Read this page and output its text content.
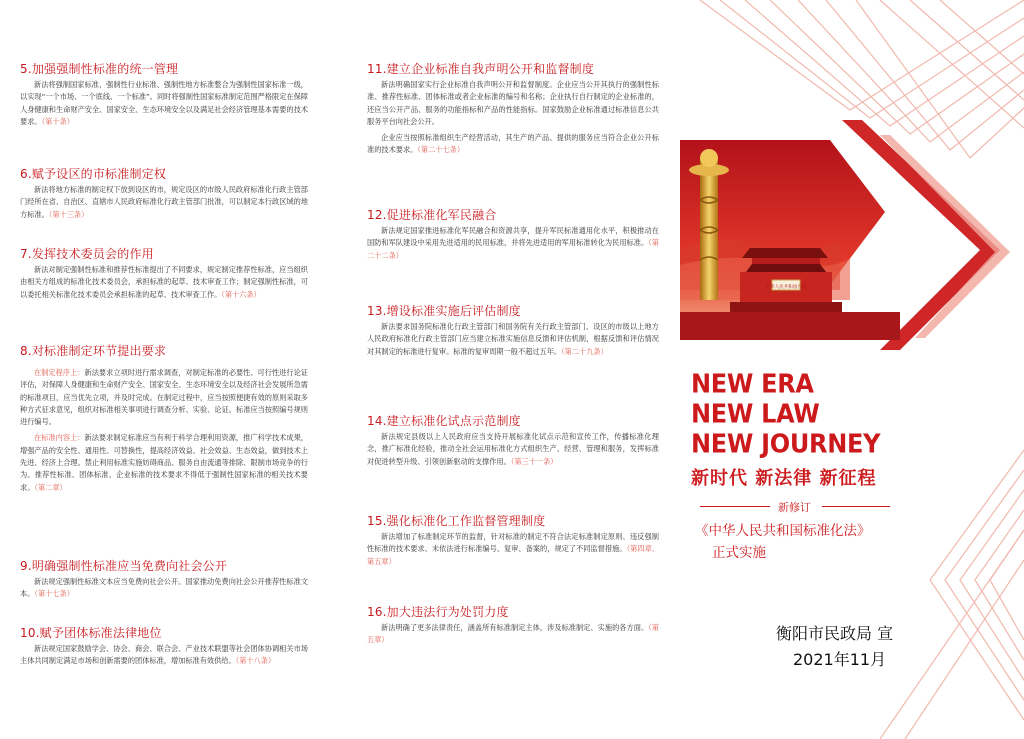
5.加强强制性标准的统一管理

新法将强制国家标准、强制性行业标准、强制性地方标准整合为强制性国家标准一级，以实现“一个市场、一个底线、一个标准”。同时将强制性国家标准制定范围严格限定在保障人身健康和生命财产安全、国家安全、生态环境安全以及满足社会经济管理基本需要的技术要求。（第十条）

6.赋予设区的市标准制定权

新法将地方标准的制定权下放到设区的市，规定设区的市级人民政府标准化行政主管部门经所在省、自治区、直辖市人民政府标准化行政主管部门批准，可以制定本行政区域的地方标准。（第十三条）

7.发挥技术委员会的作用

新法对制定强制性标准和推荐性标准提出了不同要求，规定制定推荐性标准，应当组织由相关方组成的标准化技术委员会，承担标准的起草、技术审查工作；制定强制性标准，可以委托相关标准化技术委员会承担标准的起草、技术审查工作。（第十六条）

8.对标准制定环节提出要求

在制定程序上：新法要求立项时进行需求调查，对制定标准的必要性、可行性进行论证评估，对保障人身健康和生命财产安全、国家安全、生态环境安全以及经济社会发展所急需的标准项目，应当优先立项，并及时完成。在制定过程中，应当按照便捷有效的原则采取多种方式征求意见，组织对标准相关事项进行调查分析、实验、论证。标准应当按照编号规则进行编号。

在标准内容上：新法要求制定标准应当有利于科学合理利用资源，推广科学技术成果，增强产品的安全性、通用性、可替换性，提高经济效益、社会效益、生态效益，做到技术上先进、经济上合理。禁止利用标准实施妨碍商品、服务自由流通等排除、限制市场竞争的行为。推荐性标准、团体标准、企业标准的技术要求不得低于强制性国家标准的相关技术要求。（第二章）

9.明确强制性标准应当免费向社会公开

新法规定强制性标准文本应当免费向社会公开。国家推动免费向社会公开推荐性标准文本。（第十七条）

10.赋予团体标准法律地位

新法规定国家鼓励学会、协会、商会、联合会、产业技术联盟等社会团体协调相关市场主体共同制定满足市场和创新需要的团体标准，增加标准有效供给。（第十八条）

11.建立企业标准自我声明公开和监督制度

新法明确国家实行企业标准自我声明公开和监督制度。企业应当公开其执行的强制性标准、推荐性标准、团体标准或者企业标准的编号和名称；企业执行自行制定的企业标准的，还应当公开产品、服务的功能指标和产品的性能指标。国家鼓励企业标准通过标准信息公共服务平台向社会公开。

企业应当按照标准组织生产经营活动，其生产的产品、提供的服务应当符合企业公开标准的技术要求。（第二十七条）

12.促进标准化军民融合

新法规定国家推进标准化军民融合和资源共享，提升军民标准通用化水平，积极推动在国防和军队建设中采用先进适用的民用标准，并将先进适用的军用标准转化为民用标准。（第二十二条）

13.增设标准实施后评估制度

新法要求国务院标准化行政主管部门和国务院有关行政主管部门、设区的市级以上地方人民政府标准化行政主管部门应当建立标准实施信息反馈和评估机制，根据反馈和评估情况对其制定的标准进行复审。标准的复审周期一般不超过五年。（第二十九条）

14.建立标准化试点示范制度

新法规定县级以上人民政府应当支持开展标准化试点示范和宣传工作，传播标准化理念，推广标准化经验，推动全社会运用标准化方式组织生产、经营、管理和服务，发挥标准对促进转型升级、引领创新驱动的支撑作用。（第三十一条）

15.强化标准化工作监督管理制度

新法增加了标准制定环节的监督，针对标准的制定不符合法定标准制定原则、违反强制性标准的技术要求、未依法进行标准编号、复审、备案的，规定了不同监督措施。（第四章、第五章）

16.加大违法行为处罚力度

新法明确了更多法律责任，涵盖所有标准制定主体，涉及标准制定、实施的各方面。（第五章）

中华人民共和国万岁
NEW ERA
NEW LAW
NEW JOURNEY
新时代 新法律 新征程
新修订
《中华人民共和国标准化法》
正式实施
衡阳市民政局 宣
2021年11月
